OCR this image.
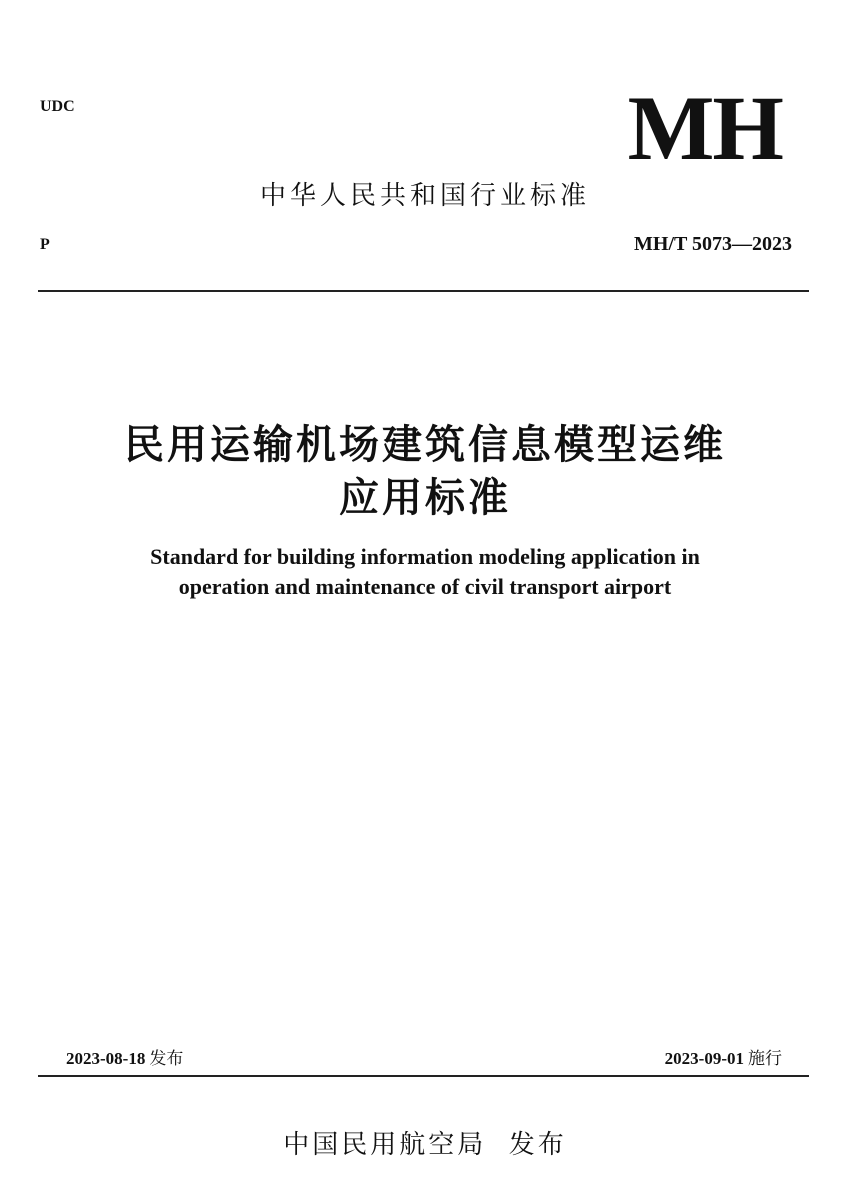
UDC	MH
中华人民共和国行业标准
P	MH/T 5073—2023
民用运输机场建筑信息模型运维
应用标准
Standard for building information modeling application in
operation and maintenance of civil transport airport
2023-08-18 发布	2023-09-01 施行
中国民用航空局  发布
